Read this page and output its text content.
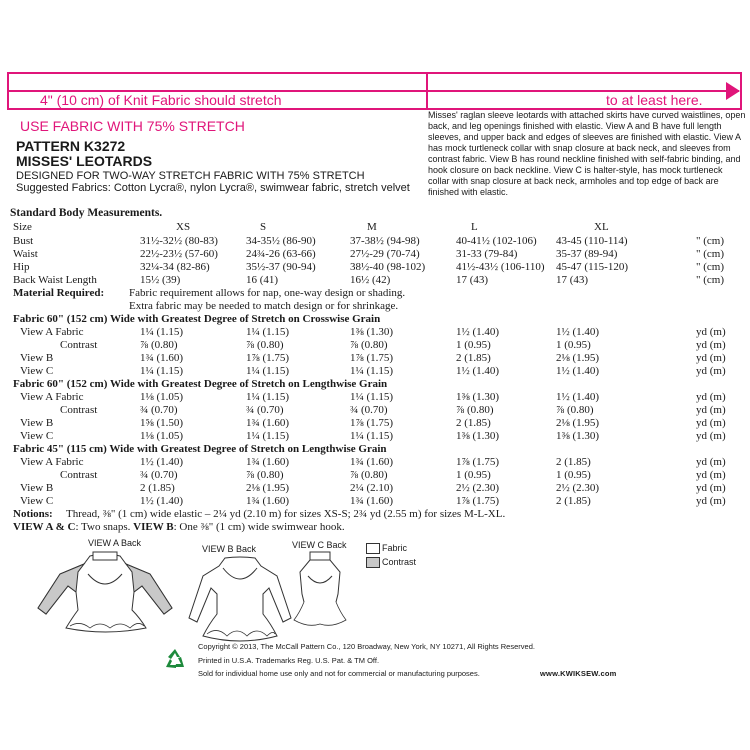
4" (10 cm) of Knit Fabric should stretch	to at least here.
USE FABRIC WITH 75% STRETCH
PATTERN K3272
MISSES' LEOTARDS
DESIGNED FOR TWO-WAY STRETCH FABRIC WITH 75% STRETCH
Suggested Fabrics: Cotton Lycra®, nylon Lycra®, swimwear fabric, stretch velvet
Misses' raglan sleeve leotards with attached skirts have curved waistlines, open back, and leg openings finished with elastic. View A and B have full length sleeves, and upper back and edges of sleeves are finished with elastic. View A has mock turtleneck collar with snap closure at back neck, and sleeves from contrast fabric. View B has round neckline finished with self-fabric binding, and hook closure on back neckline. View C is halter-style, has mock turtleneck collar with snap closure at back neck, armholes and top edge of back are finished with elastic.
Standard Body Measurements.
Size	XS	S	M	L	XL
Bust	31½-32½ (80-83)	34-35½ (86-90)	37-38½ (94-98)	40-41½ (102-106) 43-45 (110-114)	" (cm)
Waist	22½-23½ (57-60)	24¾-26 (63-66)	27½-29 (70-74)	31-33 (79-84)	35-37 (89-94)	" (cm)
Hip	32¼-34 (82-86)	35½-37 (90-94)	38½-40 (98-102)	41½-43½ (106-110) 45-47 (115-120)	" (cm)
Back Waist Length	15½ (39)	16 (41)	16½ (42)	17 (43)	17 (43)	" (cm)
Material Required: Fabric requirement allows for nap, one-way design or shading.
Extra fabric may be needed to match design or for shrinkage.
Fabric 60" (152 cm) Wide with Greatest Degree of Stretch on Crosswise Grain
View A Fabric	1¼ (1.15)	1¼ (1.15)	1⅜ (1.30)	1½ (1.40)	1½ (1.40)	yd (m)
Contrast	⅞ (0.80)	⅞ (0.80)	⅞ (0.80)	1 (0.95)	1 (0.95)	yd (m)
View B	1¾ (1.60)	1⅞ (1.75)	1⅞ (1.75)	2 (1.85)	2⅛ (1.95)	yd (m)
View C	1¼ (1.15)	1¼ (1.15)	1¼ (1.15)	1½ (1.40)	1½ (1.40)	yd (m)
Fabric 60" (152 cm) Wide with Greatest Degree of Stretch on Lengthwise Grain
View A Fabric	1⅛ (1.05)	1¼ (1.15)	1¼ (1.15)	1⅜ (1.30)	1½ (1.40)	yd (m)
Contrast	¾ (0.70)	¾ (0.70)	¾ (0.70)	⅞ (0.80)	⅞ (0.80)	yd (m)
View B	1⅝ (1.50)	1¾ (1.60)	1⅞ (1.75)	2 (1.85)	2⅛ (1.95)	yd (m)
View C	1⅛ (1.05)	1¼ (1.15)	1¼ (1.15)	1⅜ (1.30)	1⅜ (1.30)	yd (m)
Fabric 45" (115 cm) Wide with Greatest Degree of Stretch on Lengthwise Grain
View A Fabric	1½ (1.40)	1¾ (1.60)	1¾ (1.60)	1⅞ (1.75)	2 (1.85)	yd (m)
Contrast	¾ (0.70)	⅞ (0.80)	⅞ (0.80)	1 (0.95)	1 (0.95)	yd (m)
View B	2 (1.85)	2⅛ (1.95)	2¼ (2.10)	2½ (2.30)	2½ (2.30)	yd (m)
View C	1½ (1.40)	1¾ (1.60)	1¾ (1.60)	1⅞ (1.75)	2 (1.85)	yd (m)
Notions: Thread, ⅜" (1 cm) wide elastic – 2¼ yd (2.10 m) for sizes XS-S; 2¾ yd (2.55 m) for sizes M-L-XL.
VIEW A & C: Two snaps. VIEW B: One ⅜" (1 cm) wide swimwear hook.
VIEW A Back
VIEW B Back	VIEW C Back	Fabric
Contrast
Copyright © 2013, The McCall Pattern Co., 120 Broadway, New York, NY 10271, All Rights Reserved.
Printed in U.S.A. Trademarks Reg. U.S. Pat. & TM Off.
Sold for individual home use only and not for commercial or manufacturing purposes.	www.KWIKSEW.com
